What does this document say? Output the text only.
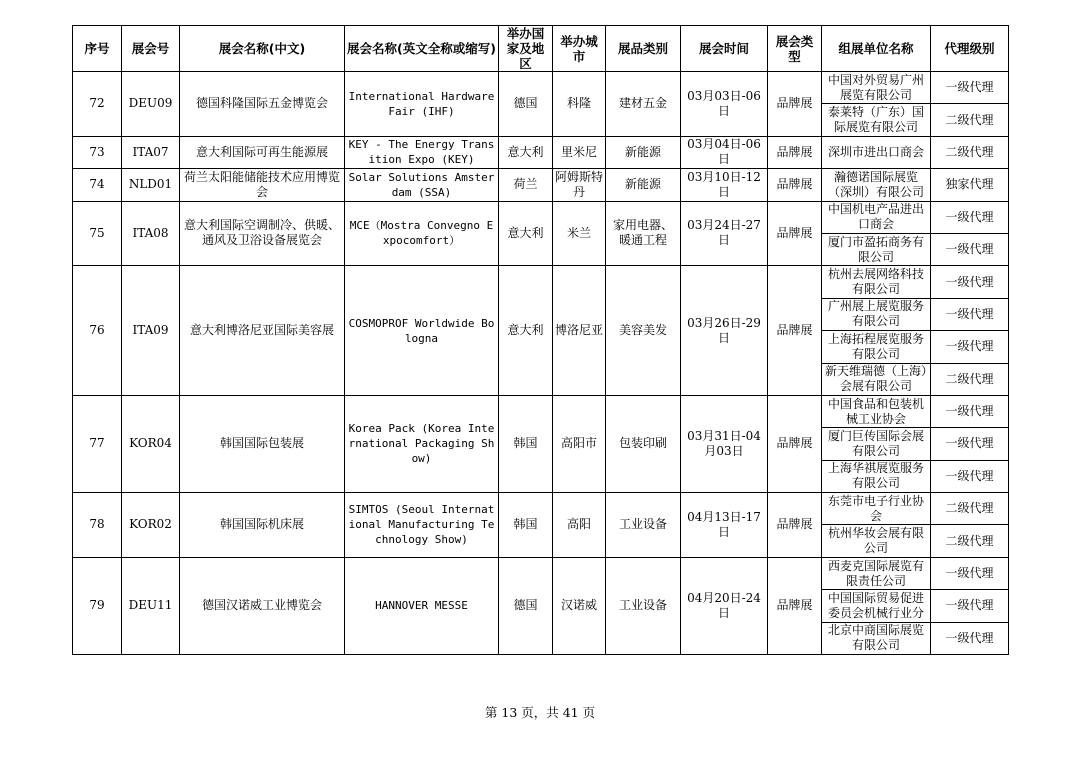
序号	展会号	展会名称(中文)	展会名称(英文全称或缩写)	举办国家及地区	举办城市	展品类别	展会时间	展会类型	组展单位名称	代理级别
72	DEU09	德国科隆国际五金博览会	International Hardware Fair (IHF)	德国	科隆	建材五金	03月03日-06日	品牌展	中国对外贸易广州展览有限公司	一级代理
									泰莱特（广东）国际展览有限公司	二级代理
73	ITA07	意大利国际可再生能源展	KEY - The Energy Transition Expo (KEY)	意大利	里米尼	新能源	03月04日-06日	品牌展	深圳市进出口商会	二级代理
74	NLD01	荷兰太阳能储能技术应用博览会	Solar Solutions Amsterdam (SSA)	荷兰	阿姆斯特丹	新能源	03月10日-12日	品牌展	瀚德诺国际展览（深圳）有限公司	独家代理
75	ITA08	意大利国际空调制冷、供暖、通风及卫浴设备展览会	MCE（Mostra Convegno Expocomfort）	意大利	米兰	家用电器、暖通工程	03月24日-27日	品牌展	中国机电产品进出口商会	一级代理
									厦门市盈拓商务有限公司	一级代理
76	ITA09	意大利博洛尼亚国际美容展	COSMOPROF Worldwide Bologna	意大利	博洛尼亚	美容美发	03月26日-29日	品牌展	杭州去展网络科技有限公司	一级代理
									广州展上展览服务有限公司	一级代理
									上海拓程展览服务有限公司	一级代理
									新天维瑞德（上海）会展有限公司	二级代理
77	KOR04	韩国国际包装展	Korea Pack (Korea International Packaging Show)	韩国	高阳市	包装印刷	03月31日-04月03日	品牌展	中国食品和包装机械工业协会	一级代理
									厦门巨传国际会展有限公司	一级代理
									上海华祺展览服务有限公司	一级代理
78	KOR02	韩国国际机床展	SIMTOS (Seoul International Manufacturing Technology Show)	韩国	高阳	工业设备	04月13日-17日	品牌展	东莞市电子行业协会	二级代理
									杭州华妆会展有限公司	二级代理
79	DEU11	德国汉诺威工业博览会	HANNOVER MESSE	德国	汉诺威	工业设备	04月20日-24日	品牌展	西麦克国际展览有限责任公司	一级代理
									中国国际贸易促进委员会机械行业分	一级代理
									北京中商国际展览有限公司	一级代理
第 13 页，共 41 页
